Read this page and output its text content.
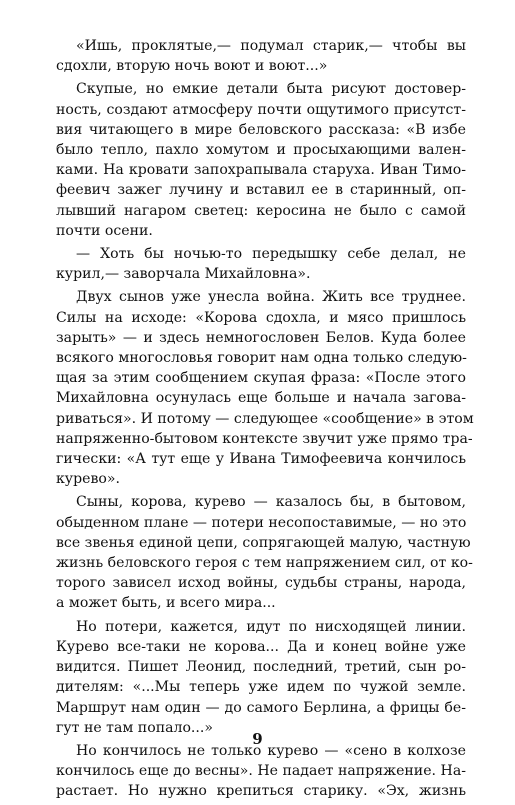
«Ишь, проклятые,— подумал старик,— чтобы вы
сдохли, вторую ночь воют и воют...»

Скупые, но емкие детали быта рисуют достовер-
ность, создают атмосферу почти ощутимого присутст-
вия читающего в мире беловского рассказа: «В избе
было тепло, пахло хомутом и просыхающими вален-
ками. На кровати запохрапывала старуха. Иван Тимо-
феевич зажег лучину и вставил ее в старинный, оп-
лывший нагаром светец: керосина не было с самой
почти осени.

— Хоть бы ночью-то передышку себе делал, не
курил,— заворчала Михайловна».

Двух сынов уже унесла война. Жить все труднее.
Силы на исходе: «Корова сдохла, и мясо пришлось
зарыть» — и здесь немногословен Белов. Куда более
всякого многословья говорит нам одна только следую-
щая за этим сообщением скупая фраза: «После этого
Михайловна осунулась еще больше и начала загова-
риваться». И потому — следующее «сообщение» в этом
напряженно-бытовом контексте звучит уже прямо тра-
гически: «А тут еще у Ивана Тимофеевича кончилось
курево».

Сыны, корова, курево — казалось бы, в бытовом,
обыденном плане — потери несопоставимые, — но это
все звенья единой цепи, сопрягающей малую, частную
жизнь беловского героя с тем напряжением сил, от ко-
торого зависел исход войны, судьбы страны, народа,
а может быть, и всего мира...

Но потери, кажется, идут по нисходящей линии.
Курево все-таки не корова... Да и конец войне уже
видится. Пишет Леонид, последний, третий, сын ро-
дителям: «...Мы теперь уже идем по чужой земле.
Маршрут нам один — до самого Берлина, а фрицы бе-
гут не там попало...»

Но кончилось не только курево — «сено в колхозе
кончилось еще до весны». Не падает напряжение. На-
растает. Но нужно крепиться старику. «Эх, жизнь

9
